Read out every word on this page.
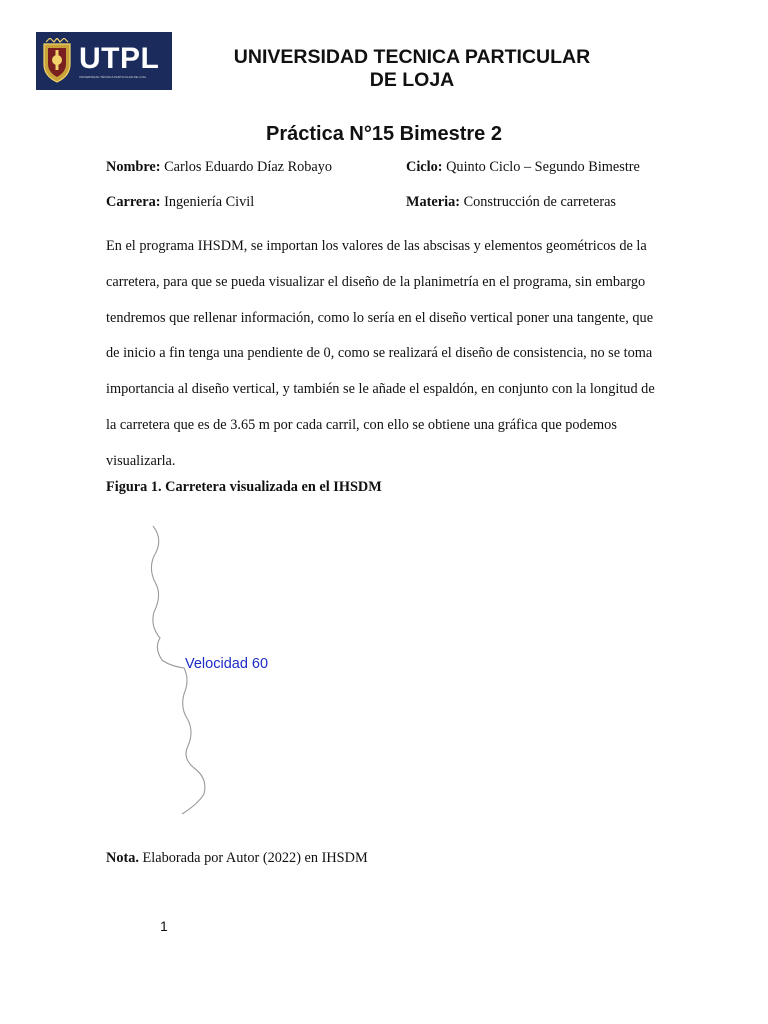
UTPL
UNIVERSIDAD TÉCNICA PARTICULAR DE LOJA
UNIVERSIDAD TECNICA PARTICULAR
DE LOJA
Práctica N°15 Bimestre 2
Nombre: Carlos Eduardo Díaz Robayo	Ciclo: Quinto Ciclo – Segundo Bimestre
Carrera: Ingeniería Civil	Materia: Construcción de carreteras

En el programa IHSDM, se importan los valores de las abscisas y elementos geométricos de la carretera, para que se pueda visualizar el diseño de la planimetría en el programa, sin embargo tendremos que rellenar información, como lo sería en el diseño vertical poner una tangente, que de inicio a fin tenga una pendiente de 0, como se realizará el diseño de consistencia, no se toma importancia al diseño vertical, y también se le añade el espaldón, en conjunto con la longitud de la carretera que es de 3.65 m por cada carril, con ello se obtiene una gráfica que podemos visualizarla.

Figura 1. Carretera visualizada en el IHSDM

Velocidad 60

Nota. Elaborada por Autor (2022) en IHSDM

1
